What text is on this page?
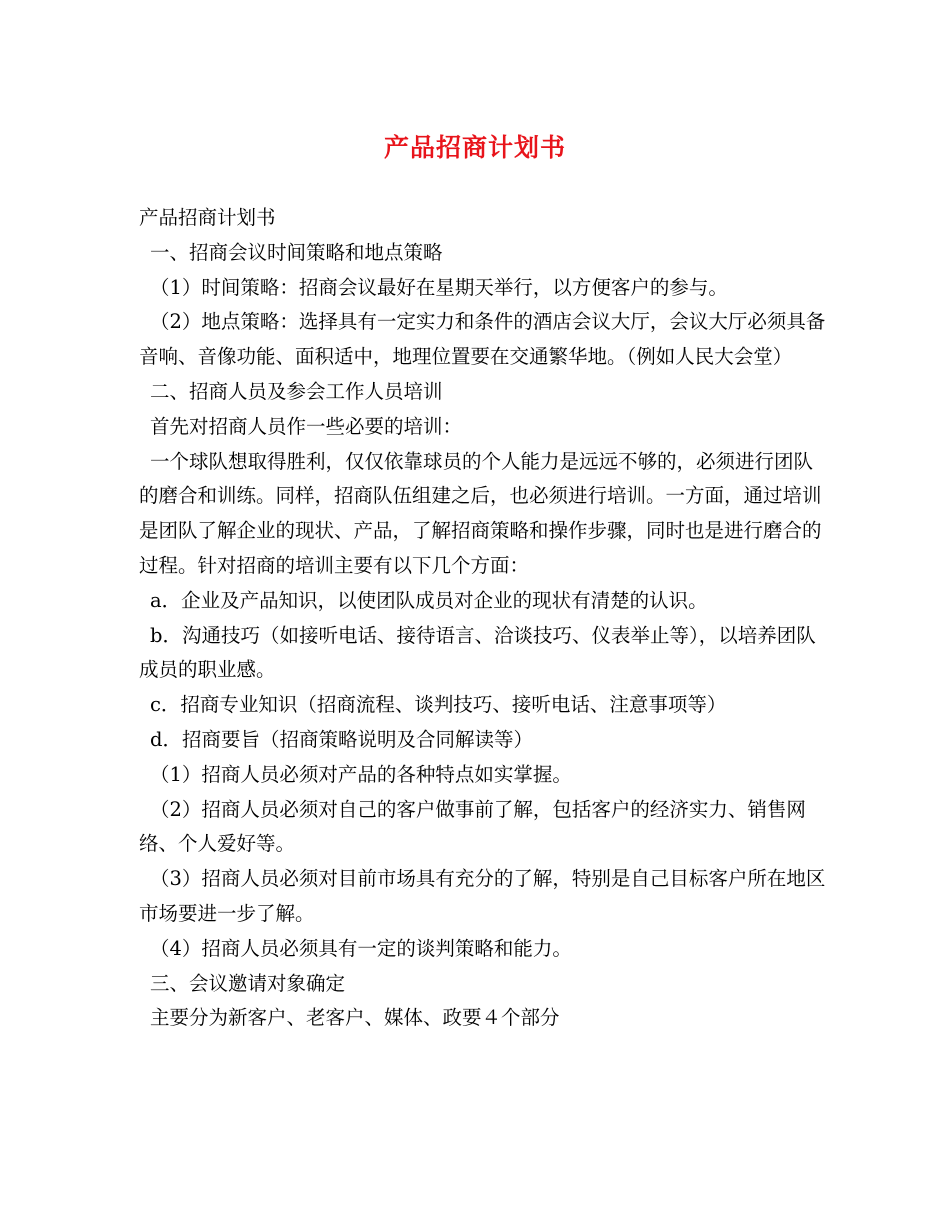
产品招商计划书

产品招商计划书

一、招商会议时间策略和地点策略

（1）时间策略：招商会议最好在星期天举行，以方便客户的参与。

（2）地点策略：选择具有一定实力和条件的酒店会议大厅，会议大厅必须具备音响、音像功能、面积适中，地理位置要在交通繁华地。（例如人民大会堂）

二、招商人员及参会工作人员培训

首先对招商人员作一些必要的培训：

一个球队想取得胜利，仅仅依靠球员的个人能力是远远不够的，必须进行团队的磨合和训练。同样，招商队伍组建之后，也必须进行培训。一方面，通过培训是团队了解企业的现状、产品，了解招商策略和操作步骤，同时也是进行磨合的过程。针对招商的培训主要有以下几个方面：

a．企业及产品知识，以使团队成员对企业的现状有清楚的认识。

b．沟通技巧（如接听电话、接待语言、洽谈技巧、仪表举止等），以培养团队成员的职业感。

c．招商专业知识（招商流程、谈判技巧、接听电话、注意事项等）

d．招商要旨（招商策略说明及合同解读等）

（1）招商人员必须对产品的各种特点如实掌握。

（2）招商人员必须对自己的客户做事前了解，包括客户的经济实力、销售网络、个人爱好等。

（3）招商人员必须对目前市场具有充分的了解，特别是自己目标客户所在地区市场要进一步了解。

（4）招商人员必须具有一定的谈判策略和能力。

三、会议邀请对象确定

主要分为新客户、老客户、媒体、政要４个部分
